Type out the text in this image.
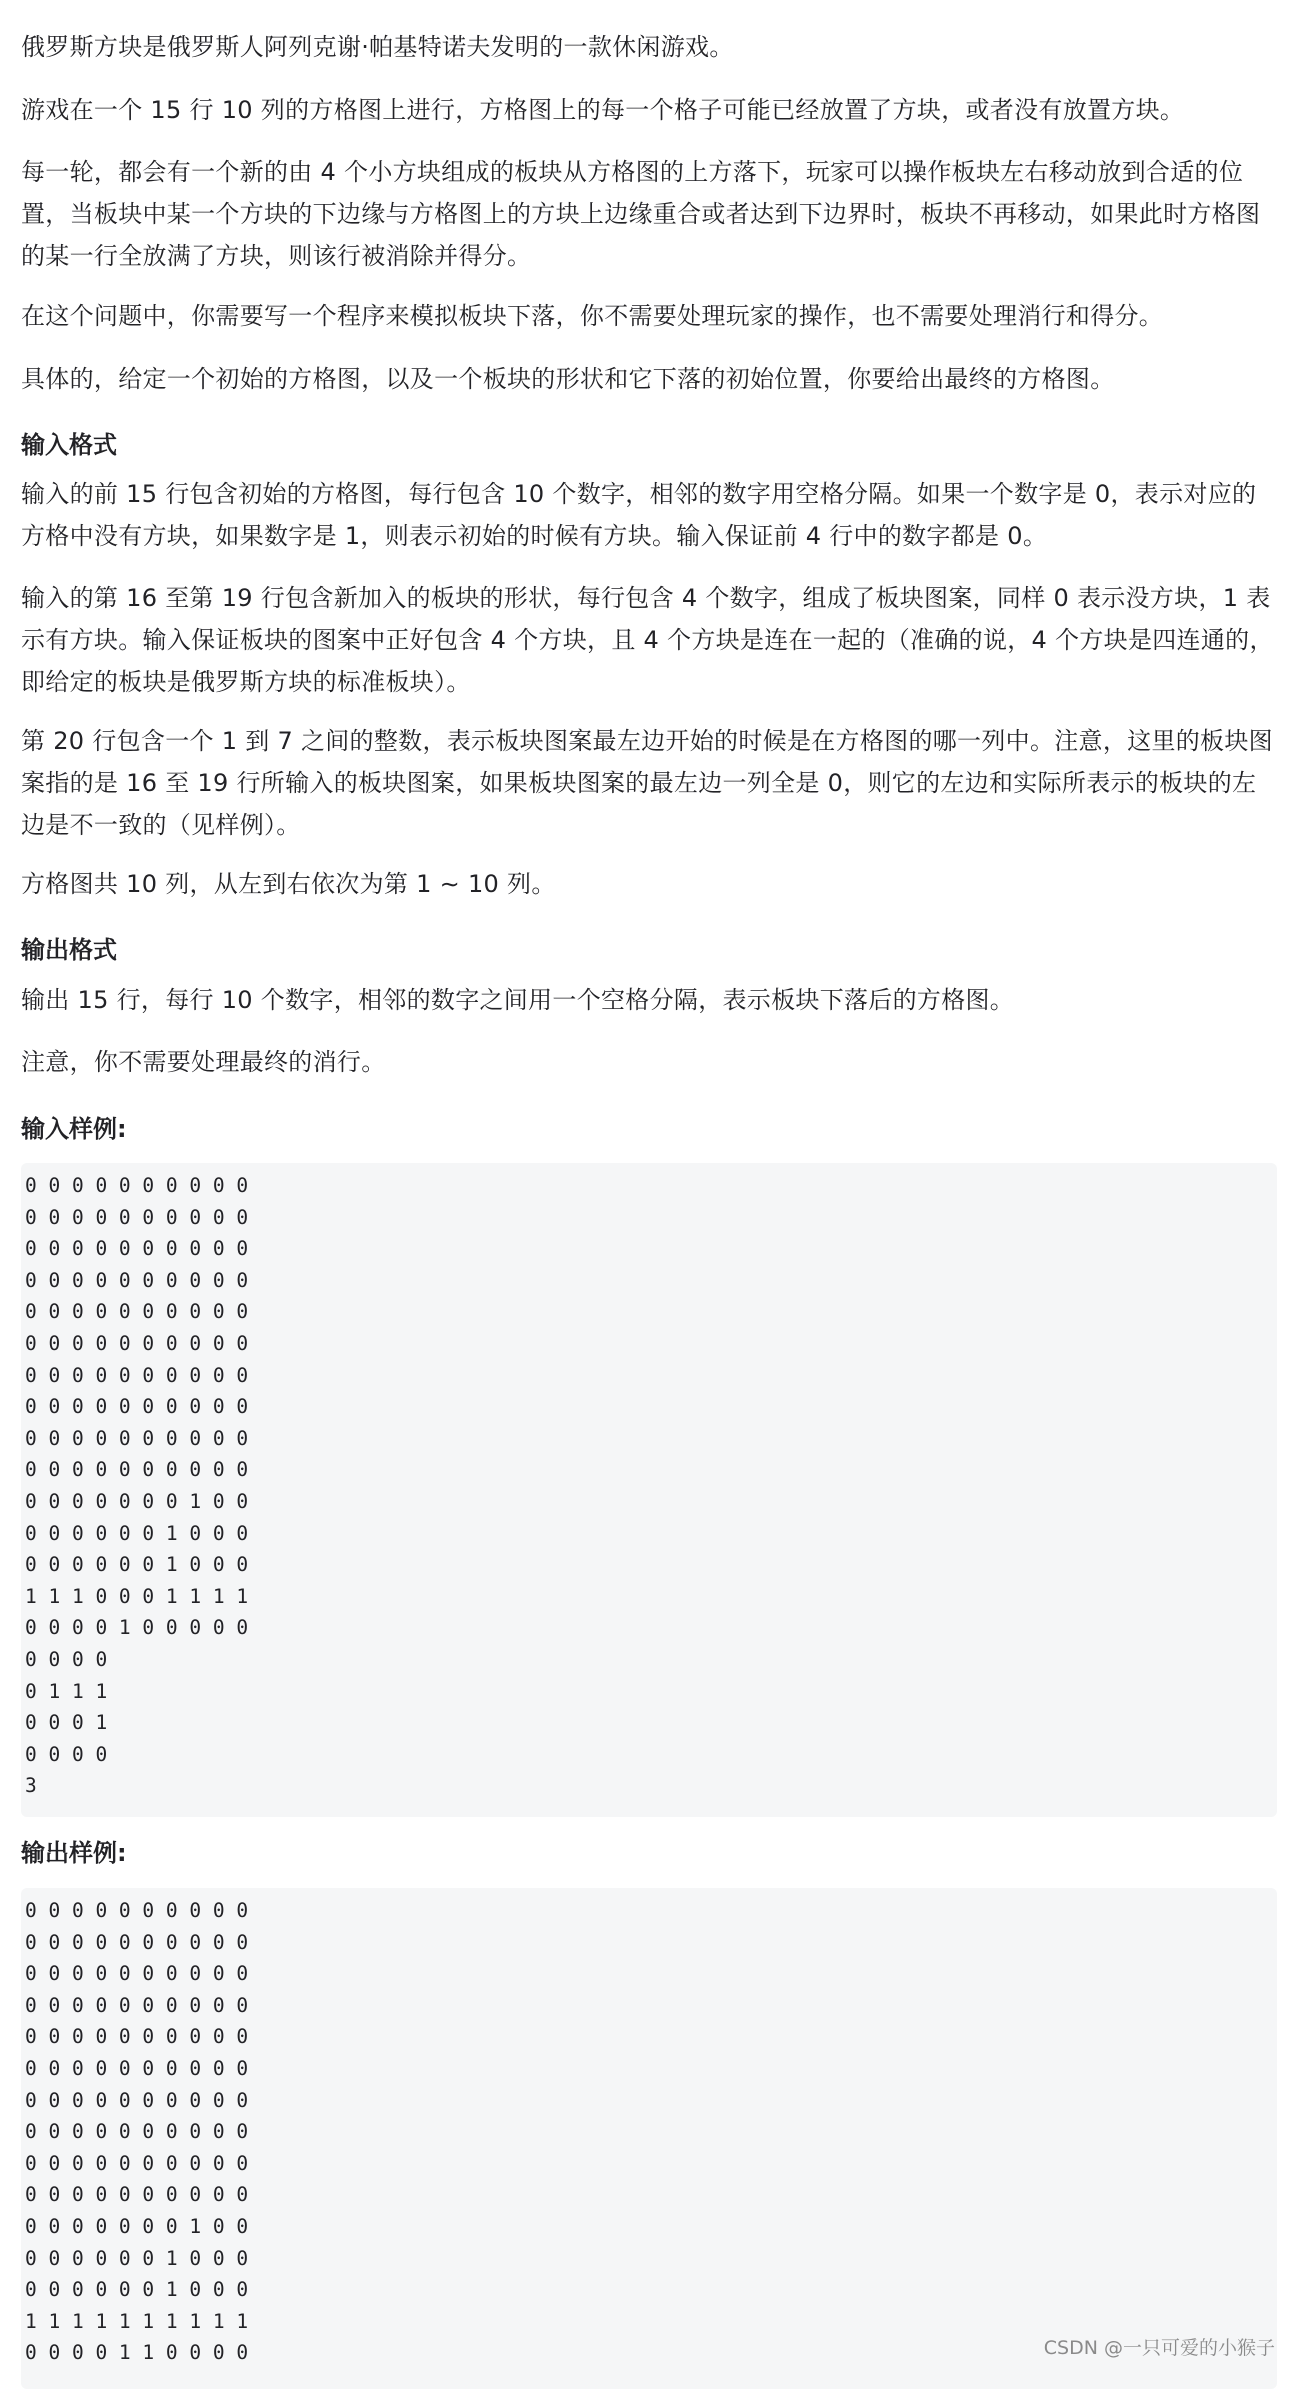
俄罗斯方块是俄罗斯人阿列克谢·帕基特诺夫发明的一款休闲游戏。

游戏在一个 15 行 10 列的方格图上进行，方格图上的每一个格子可能已经放置了方块，或者没有放置方块。

每一轮，都会有一个新的由 4 个小方块组成的板块从方格图的上方落下，玩家可以操作板块左右移动放到合适的位置，当板块中某一个方块的下边缘与方格图上的方块上边缘重合或者达到下边界时，板块不再移动，如果此时方格图的某一行全放满了方块，则该行被消除并得分。

在这个问题中，你需要写一个程序来模拟板块下落，你不需要处理玩家的操作，也不需要处理消行和得分。

具体的，给定一个初始的方格图，以及一个板块的形状和它下落的初始位置，你要给出最终的方格图。

输入格式

输入的前 15 行包含初始的方格图，每行包含 10 个数字，相邻的数字用空格分隔。如果一个数字是 0，表示对应的方格中没有方块，如果数字是 1，则表示初始的时候有方块。输入保证前 4 行中的数字都是 0。

输入的第 16 至第 19 行包含新加入的板块的形状，每行包含 4 个数字，组成了板块图案，同样 0 表示没方块，1 表示有方块。输入保证板块的图案中正好包含 4 个方块，且 4 个方块是连在一起的（准确的说，4 个方块是四连通的，即给定的板块是俄罗斯方块的标准板块）。

第 20 行包含一个 1 到 7 之间的整数，表示板块图案最左边开始的时候是在方格图的哪一列中。注意，这里的板块图案指的是 16 至 19 行所输入的板块图案，如果板块图案的最左边一列全是 0，则它的左边和实际所表示的板块的左边是不一致的（见样例）。

方格图共 10 列，从左到右依次为第 1 ∼ 10 列。

输出格式

输出 15 行，每行 10 个数字，相邻的数字之间用一个空格分隔，表示板块下落后的方格图。

注意，你不需要处理最终的消行。

输入样例:
0 0 0 0 0 0 0 0 0 0
0 0 0 0 0 0 0 0 0 0
0 0 0 0 0 0 0 0 0 0
0 0 0 0 0 0 0 0 0 0
0 0 0 0 0 0 0 0 0 0
0 0 0 0 0 0 0 0 0 0
0 0 0 0 0 0 0 0 0 0
0 0 0 0 0 0 0 0 0 0
0 0 0 0 0 0 0 0 0 0
0 0 0 0 0 0 0 0 0 0
0 0 0 0 0 0 0 1 0 0
0 0 0 0 0 0 1 0 0 0
0 0 0 0 0 0 1 0 0 0
1 1 1 0 0 0 1 1 1 1
0 0 0 0 1 0 0 0 0 0
0 0 0 0
0 1 1 1
0 0 0 1
0 0 0 0
3
输出样例:
0 0 0 0 0 0 0 0 0 0
0 0 0 0 0 0 0 0 0 0
0 0 0 0 0 0 0 0 0 0
0 0 0 0 0 0 0 0 0 0
0 0 0 0 0 0 0 0 0 0
0 0 0 0 0 0 0 0 0 0
0 0 0 0 0 0 0 0 0 0
0 0 0 0 0 0 0 0 0 0
0 0 0 0 0 0 0 0 0 0
0 0 0 0 0 0 0 0 0 0
0 0 0 0 0 0 0 1 0 0
0 0 0 0 0 0 1 0 0 0
0 0 0 0 0 0 1 0 0 0
1 1 1 1 1 1 1 1 1 1
0 0 0 0 1 1 0 0 0 0	CSDN @一只可爱的小猴子
